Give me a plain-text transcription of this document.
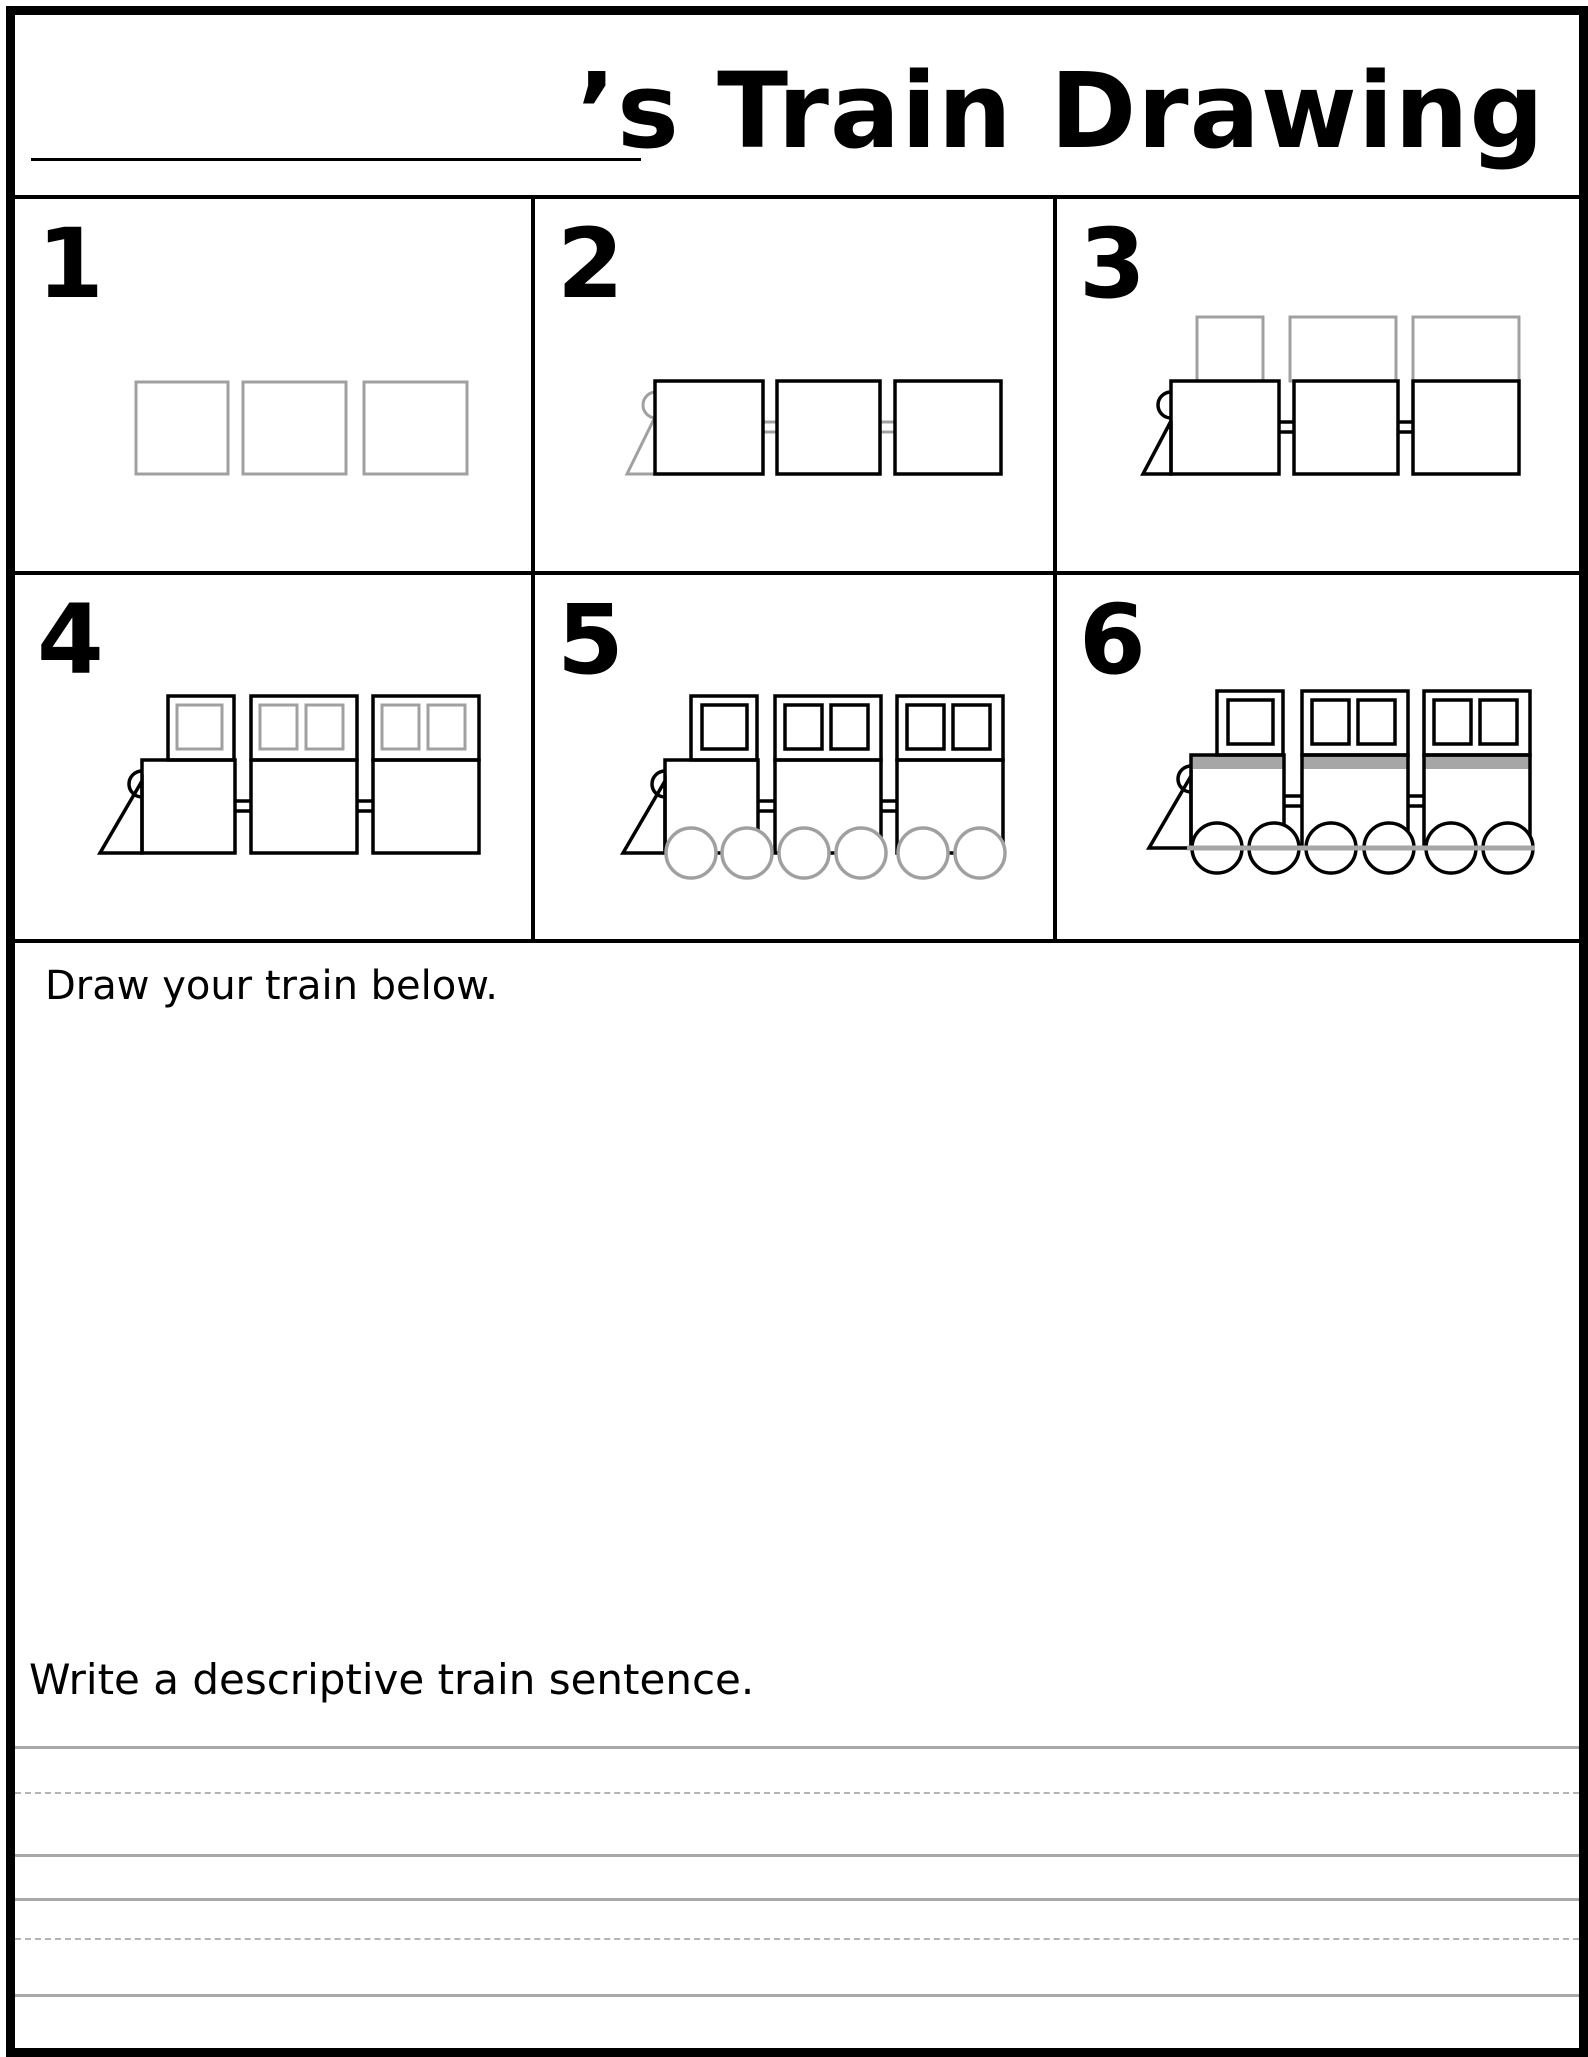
’s Train Drawing
1	2	3
4	5	6
Draw your train below.
Write a descriptive train sentence.
